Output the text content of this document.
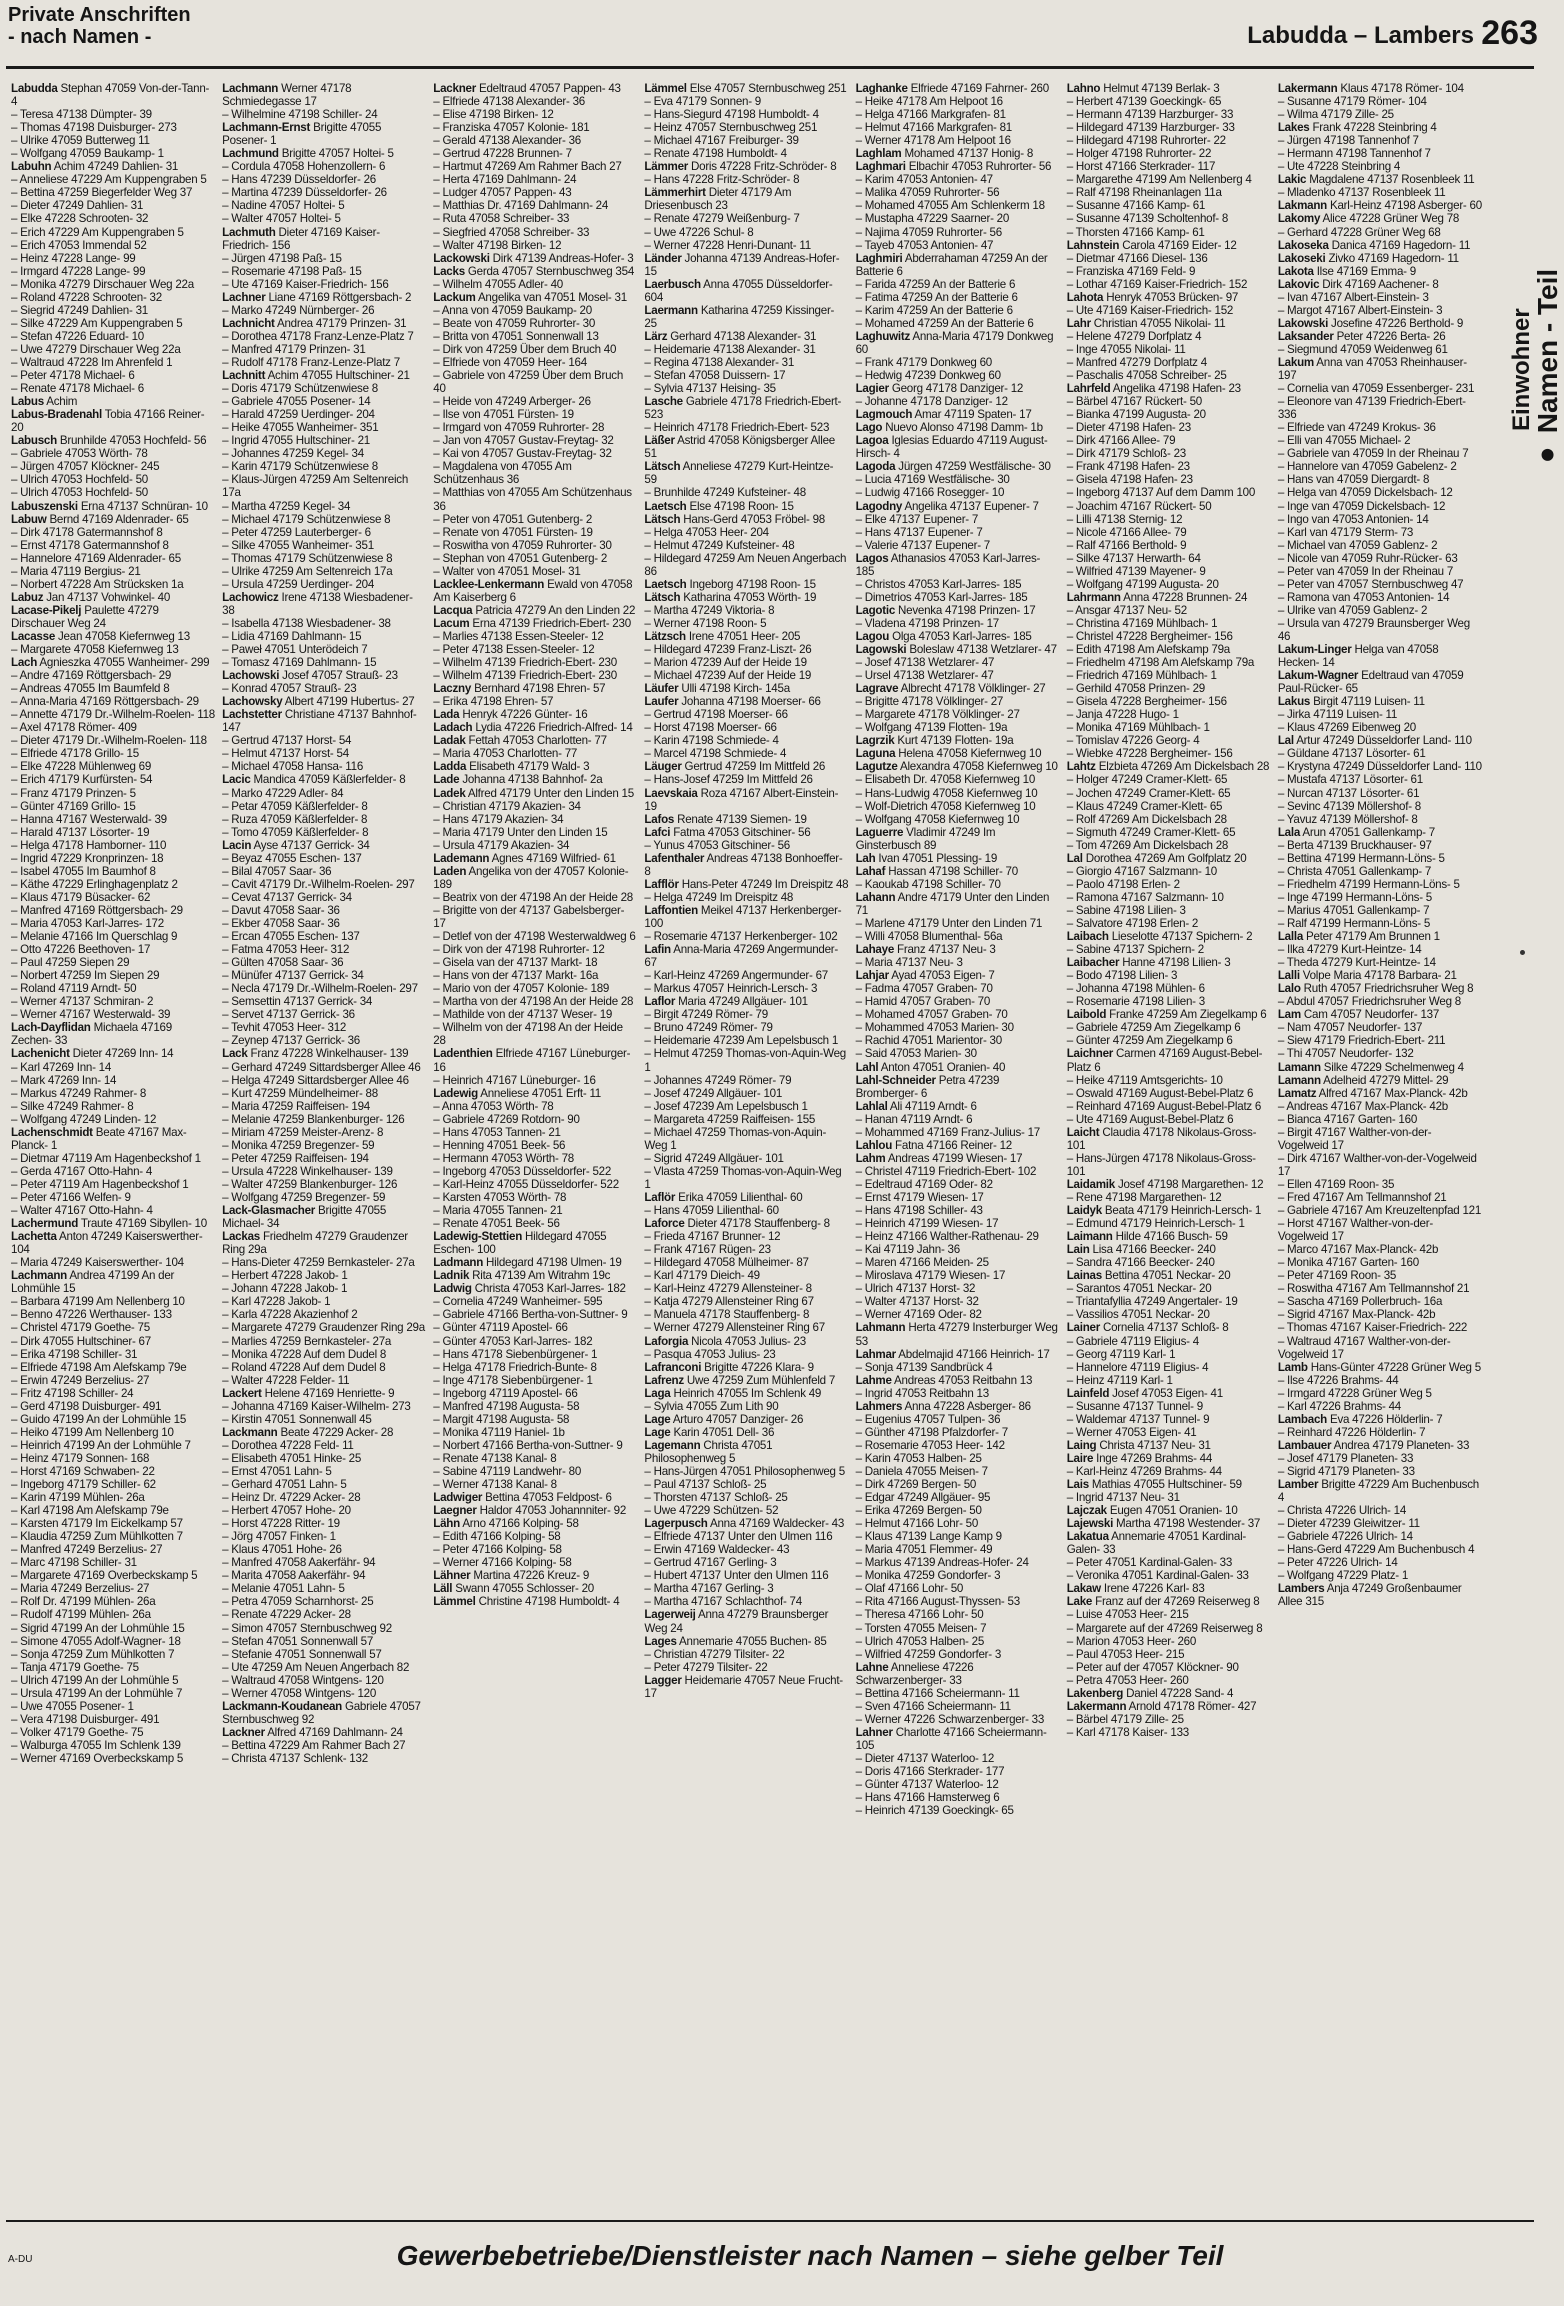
Private Anschriften
- nach Namen -	Labudda – Lambers 263
Labudda Stephan 47059 Von-der-Tann- 4
– Teresa 47138 Dümpter- 39
– Thomas 47198 Duisburger- 273
– Ulrike 47059 Butterweg 11
– Wolfgang 47059 Baukamp- 1
Labuhn Achim 47249 Dahlien- 31
– Anneliese 47229 Am Kuppengraben 5
– Bettina 47259 Biegerfelder Weg 37
– Dieter 47249 Dahlien- 31
– Elke 47228 Schrooten- 32
– Erich 47229 Am Kuppengraben 5
– Erich 47053 Immendal 52
– Heinz 47228 Lange- 99
– Irmgard 47228 Lange- 99
– Monika 47279 Dirschauer Weg 22a
– Roland 47228 Schrooten- 32
– Siegrid 47249 Dahlien- 31
– Silke 47229 Am Kuppengraben 5
– Stefan 47226 Eduard- 10
– Uwe 47279 Dirschauer Weg 22a
– Waltraud 47228 Im Ahrenfeld 1
– Peter 47178 Michael- 6
– Renate 47178 Michael- 6
Labus Achim
Labus-Bradenahl Tobia 47166 Reiner- 20
Labusch Brunhilde 47053 Hochfeld- 56
– Gabriele 47053 Wörth- 78
– Jürgen 47057 Klöckner- 245
– Ulrich 47053 Hochfeld- 50
– Ulrich 47053 Hochfeld- 50
Labuszenski Erna 47137 Schnüran- 10
Labuw Bernd 47169 Aldenrader- 65
– Dirk 47178 Gatermannshof 8
– Ernst 47178 Gatermannshof 8
– Hannelore 47169 Aldenrader- 65
– Maria 47119 Bergius- 21
– Norbert 47228 Am Strücksken 1a
Labuz Jan 47137 Vohwinkel- 40
Lacase-Pikelj Paulette 47279 Dirschauer Weg 24
Lacasse Jean 47058 Kiefernweg 13
– Margarete 47058 Kiefernweg 13
Lach Agnieszka 47055 Wanheimer- 299
– Andre 47169 Röttgersbach- 29
– Andreas 47055 Im Baumfeld 8
– Anna-Maria 47169 Röttgersbach- 29
– Annette 47179 Dr.-Wilhelm-Roelen- 118
– Axel 47178 Römer- 409
– Dieter 47179 Dr.-Wilhelm-Roelen- 118
– Elfriede 47178 Grillo- 15
– Elke 47228 Mühlenweg 69
– Erich 47179 Kurfürsten- 54
– Franz 47179 Prinzen- 5
– Günter 47169 Grillo- 15
– Hanna 47167 Westerwald- 39
– Harald 47137 Lösorter- 19
– Helga 47178 Hamborner- 110
– Ingrid 47229 Kronprinzen- 18
– Isabel 47055 Im Baumhof 8
– Käthe 47229 Erlinghagenplatz 2
– Klaus 47179 Büsacker- 62
– Manfred 47169 Röttgersbach- 29
– Maria 47053 Karl-Jarres- 172
– Melanie 47166 Im Querschlag 9
– Otto 47226 Beethoven- 17
– Paul 47259 Siepen 29
– Norbert 47259 Im Siepen 29
– Roland 47119 Arndt- 50
– Werner 47137 Schmiran- 2
– Werner 47167 Westerwald- 39
Lach-Dayflidan Michaela 47169 Zechen- 33
Lachenicht Dieter 47269 Inn- 14
– Karl 47269 Inn- 14
– Mark 47269 Inn- 14
– Markus 47249 Rahmer- 8
– Silke 47249 Rahmer- 8
– Wolfgang 47249 Linden- 12
Lachenschmidt Beate 47167 Max-Planck- 1
– Dietmar 47119 Am Hagenbeckshof 1
– Gerda 47167 Otto-Hahn- 4
– Peter 47119 Am Hagenbeckshof 1
– Peter 47166 Welfen- 9
– Walter 47167 Otto-Hahn- 4
Lachermund Traute 47169 Sibyllen- 10
Lachetta Anton 47249 Kaiserswerther- 104
– Maria 47249 Kaiserswerther- 104
Lachmann Andrea 47199 An der Lohmühle 15
– Barbara 47199 Am Nellenberg 10
– Benno 47226 Werthauser- 133
– Christel 47179 Goethe- 75
– Dirk 47055 Hultschiner- 67
– Erika 47198 Schiller- 31
– Elfriede 47198 Am Alefskamp 79e
– Erwin 47249 Berzelius- 27
– Fritz 47198 Schiller- 24
– Gerd 47198 Duisburger- 491
– Guido 47199 An der Lohmühle 15
– Heiko 47199 Am Nellenberg 10
– Heinrich 47199 An der Lohmühle 7
– Heinz 47179 Sonnen- 168
– Horst 47169 Schwaben- 22
– Ingeborg 47179 Schiller- 62
– Karin 47199 Mühlen- 26a
– Karl 47198 Am Alefskamp 79e
– Karsten 47179 Im Eickelkamp 57
– Klaudia 47259 Zum Mühlkotten 7
– Manfred 47249 Berzelius- 27
– Marc 47198 Schiller- 31
– Margarete 47169 Overbeckskamp 5
– Maria 47249 Berzelius- 27
– Rolf Dr. 47199 Mühlen- 26a
– Rudolf 47199 Mühlen- 26a
– Sigrid 47199 An der Lohmühle 15
– Simone 47055 Adolf-Wagner- 18
– Sonja 47259 Zum Mühlkotten 7
– Tanja 47179 Goethe- 75
– Ulrich 47199 An der Lohmühle 5
– Ursula 47199 An der Lohmühle 7
– Uwe 47055 Posener- 1
– Vera 47198 Duisburger- 491
– Volker 47179 Goethe- 75
– Walburga 47055 Im Schlenk 139
– Werner 47169 Overbeckskamp 5
Lachmann Werner 47178 Schmiedegasse 17
– Wilhelmine 47198 Schiller- 24
Lachmann-Ernst Brigitte 47055 Posener- 1
Lachmund Brigitte 47057 Holtei- 5
– Cordula 47058 Hohenzollern- 6
– Hans 47239 Düsseldorfer- 26
– Martina 47239 Düsseldorfer- 26
– Nadine 47057 Holtei- 5
– Walter 47057 Holtei- 5
Lachmuth Dieter 47169 Kaiser-Friedrich- 156
– Jürgen 47198 Paß- 15
– Rosemarie 47198 Paß- 15
– Ute 47169 Kaiser-Friedrich- 156
Lachner Liane 47169 Röttgersbach- 2
– Marko 47249 Nürnberger- 26
Lachnicht Andrea 47179 Prinzen- 31
– Dorothea 47178 Franz-Lenze-Platz 7
– Manfred 47179 Prinzen- 31
– Rudolf 47178 Franz-Lenze-Platz 7
Lachnitt Achim 47055 Hultschiner- 21
– Doris 47179 Schützenwiese 8
– Gabriele 47055 Posener- 14
– Harald 47259 Uerdinger- 204
– Heike 47055 Wanheimer- 351
– Ingrid 47055 Hultschiner- 21
– Johannes 47259 Kegel- 34
– Karin 47179 Schützenwiese 8
– Klaus-Jürgen 47259 Am Seltenreich 17a
– Martha 47259 Kegel- 34
– Michael 47179 Schützenwiese 8
– Peter 47259 Lauterberger- 6
– Silke 47055 Wanheimer- 351
– Thomas 47179 Schützenwiese 8
– Ulrike 47259 Am Seltenreich 17a
– Ursula 47259 Uerdinger- 204
Lachowicz Irene 47138 Wiesbadener- 38
– Isabella 47138 Wiesbadener- 38
– Lidia 47169 Dahlmann- 15
– Paweł 47051 Unterödeich 7
– Tomasz 47169 Dahlmann- 15
Lachowski Josef 47057 Strauß- 23
– Konrad 47057 Strauß- 23
Lachowsky Albert 47199 Hubertus- 27
Lachstetter Christiane 47137 Bahnhof- 147
– Gertrud 47137 Horst- 54
– Helmut 47137 Horst- 54
– Michael 47058 Hansa- 116
Lacic Mandica 47059 Käßlerfelder- 8
– Marko 47229 Adler- 84
– Petar 47059 Käßlerfelder- 8
– Ruza 47059 Käßlerfelder- 8
– Tomo 47059 Käßlerfelder- 8
Lacin Ayse 47137 Gerrick- 34
– Beyaz 47055 Eschen- 137
– Bilal 47057 Saar- 36
– Cavit 47179 Dr.-Wilhelm-Roelen- 297
– Cevat 47137 Gerrick- 34
– Davut 47058 Saar- 36
– Ekber 47058 Saar- 36
– Ercan 47055 Eschen- 137
– Fatma 47053 Heer- 312
– Gülten 47058 Saar- 36
– Münüfer 47137 Gerrick- 34
– Necla 47179 Dr.-Wilhelm-Roelen- 297
– Semsettin 47137 Gerrick- 34
– Servet 47137 Gerrick- 36
– Tevhit 47053 Heer- 312
– Zeynep 47137 Gerrick- 36
Lack Franz 47228 Winkelhauser- 139
– Gerhard 47249 Sittardsberger Allee 46
– Helga 47249 Sittardsberger Allee 46
– Kurt 47259 Mündelheimer- 88
– Maria 47259 Raiffeisen- 194
– Melanie 47259 Blankenburger- 126
– Miriam 47259 Meister-Arenz- 8
– Monika 47259 Bregenzer- 59
– Peter 47259 Raiffeisen- 194
– Ursula 47228 Winkelhauser- 139
– Walter 47259 Blankenburger- 126
– Wolfgang 47259 Bregenzer- 59
Lack-Glasmacher Brigitte 47055 Michael- 34
Lackas Friedhelm 47279 Graudenzer Ring 29a
– Hans-Dieter 47259 Bernkasteler- 27a
– Herbert 47228 Jakob- 1
– Johann 47228 Jakob- 1
– Karl 47228 Jakob- 1
– Karla 47228 Akazienhof 2
– Margarete 47279 Graudenzer Ring 29a
– Marlies 47259 Bernkasteler- 27a
– Monika 47228 Auf dem Dudel 8
– Roland 47228 Auf dem Dudel 8
– Walter 47228 Felder- 11
Lackert Helene 47169 Henriette- 9
– Johanna 47169 Kaiser-Wilhelm- 273
– Kirstin 47051 Sonnenwall 45
Lackmann Beate 47229 Acker- 28
– Dorothea 47228 Feld- 11
– Elisabeth 47051 Hinke- 25
– Ernst 47051 Lahn- 5
– Gerhard 47051 Lahn- 5
– Heinz Dr. 47229 Acker- 28
– Herbert 47057 Hohe- 20
– Horst 47228 Ritter- 19
– Jörg 47057 Finken- 1
– Klaus 47051 Hohe- 26
– Manfred 47058 Aakerfähr- 94
– Marita 47058 Aakerfähr- 94
– Melanie 47051 Lahn- 5
– Petra 47059 Scharnhorst- 25
– Renate 47229 Acker- 28
– Simon 47057 Sternbuschweg 92
– Stefan 47051 Sonnenwall 57
– Stefanie 47051 Sonnenwall 57
– Ute 47259 Am Neuen Angerbach 82
– Waltraud 47058 Wintgens- 120
– Werner 47058 Wintgens- 120
Lackmann-Koudanean Gabriele 47057 Sternbuschweg 92
Lackner Alfred 47169 Dahlmann- 24
– Bettina 47229 Am Rahmer Bach 27
– Christa 47137 Schlenk- 132
Lackner Edeltraud 47057 Pappen- 43
– Elfriede 47138 Alexander- 36
– Elise 47198 Birken- 12
– Franziska 47057 Kolonie- 181
– Gerald 47138 Alexander- 36
– Gertrud 47228 Brunnen- 7
– Hartmut 47269 Am Rahmer Bach 27
– Herta 47169 Dahlmann- 24
– Ludger 47057 Pappen- 43
– Matthias Dr. 47169 Dahlmann- 24
– Ruta 47058 Schreiber- 33
– Siegfried 47058 Schreiber- 33
– Walter 47198 Birken- 12
Lackowski Dirk 47139 Andreas-Hofer- 3
Lacks Gerda 47057 Sternbuschweg 354
– Wilhelm 47055 Adler- 40
Lackum Angelika van 47051 Mosel- 31
– Anna von 47059 Baukamp- 20
– Beate von 47059 Ruhrorter- 30
– Britta von 47051 Sonnenwall 13
– Dirk von 47259 Über dem Bruch 40
– Elfriede von 47059 Heer- 164
– Gabriele von 47259 Über dem Bruch 40
– Heide von 47249 Arberger- 26
– Ilse von 47051 Fürsten- 19
– Irmgard von 47059 Ruhrorter- 28
– Jan von 47057 Gustav-Freytag- 32
– Kai von 47057 Gustav-Freytag- 32
– Magdalena von 47055 Am Schützenhaus 36
– Matthias von 47055 Am Schützenhaus 36
– Peter von 47051 Gutenberg- 2
– Renate von 47051 Fürsten- 19
– Roswitha von 47059 Ruhrorter- 30
– Stephan von 47051 Gutenberg- 2
– Walter von 47051 Mosel- 31
Lacklee-Lenkermann Ewald von 47058 Am Kaiserberg 6
Lacqua Patricia 47279 An den Linden 22
Lacum Erna 47139 Friedrich-Ebert- 230
– Marlies 47138 Essen-Steeler- 12
– Peter 47138 Essen-Steeler- 12
– Wilhelm 47139 Friedrich-Ebert- 230
– Wilhelm 47139 Friedrich-Ebert- 230
Laczny Bernhard 47198 Ehren- 57
– Erika 47198 Ehren- 57
Lada Henryk 47226 Günter- 16
Ladach Lydia 47226 Friedrich-Alfred- 14
Ladak Fettah 47053 Charlotten- 77
– Maria 47053 Charlotten- 77
Ladda Elisabeth 47179 Wald- 3
Lade Johanna 47138 Bahnhof- 2a
Ladek Alfred 47179 Unter den Linden 15
– Christian 47179 Akazien- 34
– Hans 47179 Akazien- 34
– Maria 47179 Unter den Linden 15
– Ursula 47179 Akazien- 34
Lademann Agnes 47169 Wilfried- 61
Laden Angelika von der 47057 Kolonie- 189
– Beatrix von der 47198 An der Heide 28
– Brigitte von der 47137 Gabelsberger- 17
– Detlef von der 47198 Westerwaldweg 6
– Dirk von der 47198 Ruhrorter- 12
– Gisela van der 47137 Markt- 18
– Hans von der 47137 Markt- 16a
– Mario von der 47057 Kolonie- 189
– Martha von der 47198 An der Heide 28
– Mathilde von der 47137 Weser- 19
– Wilhelm von der 47198 An der Heide 28
Ladenthien Elfriede 47167 Lüneburger- 16
– Heinrich 47167 Lüneburger- 16
Ladewig Anneliese 47051 Erft- 11
– Anna 47053 Wörth- 78
– Gabriele 47269 Rotdorn- 90
– Hans 47053 Tannen- 21
– Henning 47051 Beek- 56
– Hermann 47053 Wörth- 78
– Ingeborg 47053 Düsseldorfer- 522
– Karl-Heinz 47055 Düsseldorfer- 522
– Karsten 47053 Wörth- 78
– Maria 47055 Tannen- 21
– Renate 47051 Beek- 56
Ladewig-Stettien Hildegard 47055 Eschen- 100
Ladmann Hildegard 47198 Ulmen- 19
Ladnik Rita 47139 Am Witrahm 19c
Ladwig Christa 47053 Karl-Jarres- 182
– Cornelia 47249 Wanheimer- 595
– Gabriele 47166 Bertha-von-Suttner- 9
– Günter 47119 Apostel- 66
– Günter 47053 Karl-Jarres- 182
– Hans 47178 Siebenbürgener- 1
– Helga 47178 Friedrich-Bunte- 8
– Inge 47178 Siebenbürgener- 1
– Ingeborg 47119 Apostel- 66
– Manfred 47198 Augusta- 58
– Margit 47198 Augusta- 58
– Monika 47119 Haniel- 1b
– Norbert 47166 Bertha-von-Suttner- 9
– Renate 47138 Kanal- 8
– Sabine 47119 Landwehr- 80
– Werner 47138 Kanal- 8
Ladwiger Bettina 47053 Feldpost- 6
Laegner Haldor 47053 Johannniter- 92
Lähn Arno 47166 Kolping- 58
– Edith 47166 Kolping- 58
– Peter 47166 Kolping- 58
– Werner 47166 Kolping- 58
Lähner Martina 47226 Kreuz- 9
Läll Swann 47055 Schlosser- 20
Lämmel Christine 47198 Humboldt- 4
Lämmel Else 47057 Sternbuschweg 251
– Eva 47179 Sonnen- 9
– Hans-Siegurd 47198 Humboldt- 4
– Heinz 47057 Sternbuschweg 251
– Michael 47167 Freiburger- 39
– Renate 47198 Humboldt- 4
Lämmer Doris 47228 Fritz-Schröder- 8
– Hans 47228 Fritz-Schröder- 8
Lämmerhirt Dieter 47179 Am Driesenbusch 23
– Renate 47279 Weißenburg- 7
– Uwe 47226 Schul- 8
– Werner 47228 Henri-Dunant- 11
Länder Johanna 47139 Andreas-Hofer- 15
Laerbusch Anna 47055 Düsseldorfer- 604
Laermann Katharina 47259 Kissinger- 25
Lärz Gerhard 47138 Alexander- 31
– Heidemarie 47138 Alexander- 31
– Regina 47138 Alexander- 31
– Stefan 47058 Duissern- 17
– Sylvia 47137 Heising- 35
Lasche Gabriele 47178 Friedrich-Ebert- 523
– Heinrich 47178 Friedrich-Ebert- 523
Läßer Astrid 47058 Königsberger Allee 51
Lätsch Anneliese 47279 Kurt-Heintze- 59
– Brunhilde 47249 Kufsteiner- 48
Laetsch Else 47198 Roon- 15
Lätsch Hans-Gerd 47053 Fröbel- 98
– Helga 47053 Heer- 204
– Helmut 47249 Kufsteiner- 48
– Hildegard 47259 Am Neuen Angerbach 86
Laetsch Ingeborg 47198 Roon- 15
Lätsch Katharina 47053 Wörth- 19
– Martha 47249 Viktoria- 8
– Werner 47198 Roon- 5
Lätzsch Irene 47051 Heer- 205
– Hildegard 47239 Franz-Liszt- 26
– Marion 47239 Auf der Heide 19
– Michael 47239 Auf der Heide 19
Läufer Ulli 47198 Kirch- 145a
Laufer Johanna 47198 Moerser- 66
– Gertrud 47198 Moerser- 66
– Horst 47198 Moerser- 66
– Karin 47198 Schmiede- 4
– Marcel 47198 Schmiede- 4
Läuger Gertrud 47259 Im Mittfeld 26
– Hans-Josef 47259 Im Mittfeld 26
Laevskaia Roza 47167 Albert-Einstein- 19
Lafos Renate 47139 Siemen- 19
Lafci Fatma 47053 Gitschiner- 56
– Yunus 47053 Gitschiner- 56
Lafenthaler Andreas 47138 Bonhoeffer- 8
Lafflör Hans-Peter 47249 Im Dreispitz 48
– Helga 47249 Im Dreispitz 48
Laffontien Meikel 47137 Herkenberger- 100
– Rosemarie 47137 Herkenberger- 102
Lafin Anna-Maria 47269 Angermunder- 67
– Karl-Heinz 47269 Angermunder- 67
– Markus 47057 Heinrich-Lersch- 3
Laflor Maria 47249 Allgäuer- 101
– Birgit 47249 Römer- 79
– Bruno 47249 Römer- 79
– Heidemarie 47239 Am Lepelsbusch 1
– Helmut 47259 Thomas-von-Aquin-Weg 1
– Johannes 47249 Römer- 79
– Josef 47249 Allgäuer- 101
– Josef 47239 Am Lepelsbusch 1
– Margareta 47259 Raiffeisen- 155
– Michael 47259 Thomas-von-Aquin-Weg 1
– Sigrid 47249 Allgäuer- 101
– Vlasta 47259 Thomas-von-Aquin-Weg 1
Laflör Erika 47059 Lilienthal- 60
– Hans 47059 Lilienthal- 60
Laforce Dieter 47178 Stauffenberg- 8
– Frieda 47167 Brunner- 12
– Frank 47167 Rügen- 23
– Hildegard 47058 Mülheimer- 87
– Karl 47179 Dieich- 49
– Karl-Heinz 47279 Allensteiner- 8
– Katja 47279 Allensteiner Ring 67
– Manuela 47178 Stauffenberg- 8
– Werner 47279 Allensteiner Ring 67
Laforgia Nicola 47053 Julius- 23
– Pasqua 47053 Julius- 23
Lafranconi Brigitte 47226 Klara- 9
Lafrenz Uwe 47259 Zum Mühlenfeld 7
Laga Heinrich 47055 Im Schlenk 49
– Sylvia 47055 Zum Lith 90
Lage Arturo 47057 Danziger- 26
Lage Karin 47051 Dell- 36
Lagemann Christa 47051 Philosophenweg 5
– Hans-Jürgen 47051 Philosophenweg 5
– Paul 47137 Schloß- 25
– Thorsten 47137 Schloß- 25
– Uwe 47229 Schützen- 52
Lagerpusch Anna 47169 Waldecker- 43
– Elfriede 47137 Unter den Ulmen 116
– Erwin 47169 Waldecker- 43
– Gertrud 47167 Gerling- 3
– Hubert 47137 Unter den Ulmen 116
– Martha 47167 Gerling- 3
– Martha 47167 Schlachthof- 74
Lagerweij Anna 47279 Braunsberger Weg 24
Lages Annemarie 47055 Buchen- 85
– Christian 47279 Tilsiter- 22
– Peter 47279 Tilsiter- 22
Lagger Heidemarie 47057 Neue Frucht- 17
Laghanke Elfriede 47169 Fahrner- 260
– Heike 47178 Am Helpoot 16
– Helga 47166 Markgrafen- 81
– Helmut 47166 Markgrafen- 81
– Werner 47178 Am Helpoot 16
Laghlam Mohamed 47137 Honig- 8
Laghmari Elbachir 47053 Ruhrorter- 56
– Karim 47053 Antonien- 47
– Malika 47059 Ruhrorter- 56
– Mohamed 47055 Am Schlenkerm 18
– Mustapha 47229 Saarner- 20
– Najima 47059 Ruhrorter- 56
– Tayeb 47053 Antonien- 47
Laghmiri Abderrahaman 47259 An der Batterie 6
– Farida 47259 An der Batterie 6
– Fatima 47259 An der Batterie 6
– Karim 47259 An der Batterie 6
– Mohamed 47259 An der Batterie 6
Laghuwitz Anna-Maria 47179 Donkweg 60
– Frank 47179 Donkweg 60
– Hedwig 47239 Donkweg 60
Lagier Georg 47178 Danziger- 12
– Johanne 47178 Danziger- 12
Lagmouch Amar 47119 Spaten- 17
Lago Nuevo Alonso 47198 Damm- 1b
Lagoa Iglesias Eduardo 47119 August-Hirsch- 4
Lagoda Jürgen 47259 Westfälische- 30
– Lucia 47169 Westfälische- 30
– Ludwig 47166 Rosegger- 10
Lagodny Angelika 47137 Eupener- 7
– Elke 47137 Eupener- 7
– Hans 47137 Eupener- 7
– Valerie 47137 Eupener- 7
Lagos Athanasios 47053 Karl-Jarres- 185
– Christos 47053 Karl-Jarres- 185
– Dimetrios 47053 Karl-Jarres- 185
Lagotic Nevenka 47198 Prinzen- 17
– Vladena 47198 Prinzen- 17
Lagou Olga 47053 Karl-Jarres- 185
Lagowski Boleslaw 47138 Wetzlarer- 47
– Josef 47138 Wetzlarer- 47
– Ursel 47138 Wetzlarer- 47
Lagrave Albrecht 47178 Völklinger- 27
– Brigitte 47178 Völklinger- 27
– Margarete 47178 Völklinger- 27
– Wolfgang 47139 Flotten- 19a
Lagrzik Kurt 47139 Flotten- 19a
Laguna Helena 47058 Kiefernweg 10
Lagutze Alexandra 47058 Kiefernweg 10
– Elisabeth Dr. 47058 Kiefernweg 10
– Hans-Ludwig 47058 Kiefernweg 10
– Wolf-Dietrich 47058 Kiefernweg 10
– Wolfgang 47058 Kiefernweg 10
Laguerre Vladimir 47249 Im Ginsterbusch 89
Lah Ivan 47051 Plessing- 19
Lahaf Hassan 47198 Schiller- 70
– Kaoukab 47198 Schiller- 70
Lahann Andre 47179 Unter den Linden 71
– Marlene 47179 Unter den Linden 71
– Willi 47058 Blumenthal- 56a
Lahaye Franz 47137 Neu- 3
– Maria 47137 Neu- 3
Lahjar Ayad 47053 Eigen- 7
– Fadma 47057 Graben- 70
– Hamid 47057 Graben- 70
– Mohamed 47057 Graben- 70
– Mohammed 47053 Marien- 30
– Rachid 47051 Marientor- 30
– Said 47053 Marien- 30
Lahl Anton 47051 Oranien- 40
Lahl-Schneider Petra 47239 Bromberger- 6
Lahlal Ali 47119 Arndt- 6
– Hanan 47119 Arndt- 6
– Mohammed 47169 Franz-Julius- 17
Lahlou Fatna 47166 Reiner- 12
Lahm Andreas 47199 Wiesen- 17
– Christel 47119 Friedrich-Ebert- 102
– Edeltraud 47169 Oder- 82
– Ernst 47179 Wiesen- 17
– Hans 47198 Schiller- 43
– Heinrich 47199 Wiesen- 17
– Heinz 47166 Walther-Rathenau- 29
– Kai 47119 Jahn- 36
– Maren 47166 Meiden- 25
– Miroslava 47179 Wiesen- 17
– Ulrich 47137 Horst- 32
– Walter 47137 Horst- 32
– Werner 47169 Oder- 82
Lahmann Herta 47279 Insterburger Weg 53
Lahmar Abdelmajid 47166 Heinrich- 17
– Sonja 47139 Sandbrück 4
Lahme Andreas 47053 Reitbahn 13
– Ingrid 47053 Reitbahn 13
Lahmers Anna 47228 Asberger- 86
– Eugenius 47057 Tulpen- 36
– Günther 47198 Pfalzdorfer- 7
– Rosemarie 47053 Heer- 142
– Karin 47053 Halben- 25
– Daniela 47055 Meisen- 7
– Dirk 47269 Bergen- 50
– Edgar 47249 Allgäuer- 95
– Erika 47269 Bergen- 50
– Helmut 47166 Lohr- 50
– Klaus 47139 Lange Kamp 9
– Maria 47051 Flemmer- 49
– Markus 47139 Andreas-Hofer- 24
– Monika 47259 Gondorfer- 3
– Olaf 47166 Lohr- 50
– Rita 47166 August-Thyssen- 53
– Theresa 47166 Lohr- 50
– Torsten 47055 Meisen- 7
– Ulrich 47053 Halben- 25
– Wilfried 47259 Gondorfer- 3
Lahne Anneliese 47226 Schwarzenberger- 33
– Bettina 47166 Scheiermann- 11
– Sven 47166 Scheiermann- 11
– Werner 47226 Schwarzenberger- 33
Lahner Charlotte 47166 Scheiermann- 105
– Dieter 47137 Waterloo- 12
– Doris 47166 Sterkrader- 177
– Günter 47137 Waterloo- 12
– Hans 47166 Hamsterweg 6
– Heinrich 47139 Goeckingk- 65
Lahno Helmut 47139 Berlak- 3
– Herbert 47139 Goeckingk- 65
– Hermann 47139 Harzburger- 33
– Hildegard 47139 Harzburger- 33
– Hildegard 47198 Ruhrorter- 22
– Holger 47198 Ruhrorter- 22
– Horst 47166 Sterkrader- 117
– Margarethe 47199 Am Nellenberg 4
– Ralf 47198 Rheinanlagen 11a
– Susanne 47166 Kamp- 61
– Susanne 47139 Scholtenhof- 8
– Thorsten 47166 Kamp- 61
Lahnstein Carola 47169 Eider- 12
– Dietmar 47166 Diesel- 136
– Franziska 47169 Feld- 9
– Lothar 47169 Kaiser-Friedrich- 152
Lahota Henryk 47053 Brücken- 97
– Ute 47169 Kaiser-Friedrich- 152
Lahr Christian 47055 Nikolai- 11
– Helene 47279 Dorfplatz 4
– Inge 47055 Nikolai- 11
– Manfred 47279 Dorfplatz 4
– Paschalis 47058 Schreiber- 25
Lahrfeld Angelika 47198 Hafen- 23
– Bärbel 47167 Rückert- 50
– Bianka 47199 Augusta- 20
– Dieter 47198 Hafen- 23
– Dirk 47166 Allee- 79
– Dirk 47179 Schloß- 23
– Frank 47198 Hafen- 23
– Gisela 47198 Hafen- 23
– Ingeborg 47137 Auf dem Damm 100
– Joachim 47167 Rückert- 50
– Lilli 47138 Sternig- 12
– Nicole 47166 Allee- 79
– Ralf 47166 Berthold- 9
– Silke 47137 Herwarth- 64
– Wilfried 47139 Mayener- 9
– Wolfgang 47199 Augusta- 20
Lahrmann Anna 47228 Brunnen- 24
– Ansgar 47137 Neu- 52
– Christina 47169 Mühlbach- 1
– Christel 47228 Bergheimer- 156
– Edith 47198 Am Alefskamp 79a
– Friedhelm 47198 Am Alefskamp 79a
– Friedrich 47169 Mühlbach- 1
– Gerhild 47058 Prinzen- 29
– Gisela 47228 Bergheimer- 156
– Janja 47228 Hugo- 1
– Monika 47169 Mühlbach- 1
– Tomislav 47226 Georg- 4
– Wiebke 47228 Bergheimer- 156
Lahtz Elzbieta 47269 Am Dickelsbach 28
– Holger 47249 Cramer-Klett- 65
– Jochen 47249 Cramer-Klett- 65
– Klaus 47249 Cramer-Klett- 65
– Rolf 47269 Am Dickelsbach 28
– Sigmuth 47249 Cramer-Klett- 65
– Tom 47269 Am Dickelsbach 28
Lal Dorothea 47269 Am Golfplatz 20
– Giorgio 47167 Salzmann- 10
– Paolo 47198 Erlen- 2
– Ramona 47167 Salzmann- 10
– Sabine 47198 Lilien- 3
– Salvatore 47198 Erlen- 2
Laibach Lieselotte 47137 Spichern- 2
– Sabine 47137 Spichern- 2
Laibacher Hanne 47198 Lilien- 3
– Bodo 47198 Lilien- 3
– Johanna 47198 Mühlen- 6
– Rosemarie 47198 Lilien- 3
Laibold Franke 47259 Am Ziegelkamp 6
– Gabriele 47259 Am Ziegelkamp 6
– Günter 47259 Am Ziegelkamp 6
Laichner Carmen 47169 August-Bebel-Platz 6
– Heike 47119 Amtsgerichts- 10
– Oswald 47169 August-Bebel-Platz 6
– Reinhard 47169 August-Bebel-Platz 6
– Ute 47169 August-Bebel-Platz 6
Laicht Claudia 47178 Nikolaus-Gross- 101
– Hans-Jürgen 47178 Nikolaus-Gross- 101
Laidamik Josef 47198 Margarethen- 12
– Rene 47198 Margarethen- 12
Laidyk Beata 47179 Heinrich-Lersch- 1
– Edmund 47179 Heinrich-Lersch- 1
Laimann Hilde 47166 Busch- 59
Lain Lisa 47166 Beecker- 240
– Sandra 47166 Beecker- 240
Lainas Bettina 47051 Neckar- 20
– Sarantos 47051 Neckar- 20
– Triantafyllia 47249 Angertaler- 19
– Vassilios 47051 Neckar- 20
Lainer Cornelia 47137 Schloß- 8
– Gabriele 47119 Eligius- 4
– Georg 47119 Karl- 1
– Hannelore 47119 Eligius- 4
– Heinz 47119 Karl- 1
Lainfeld Josef 47053 Eigen- 41
– Susanne 47137 Tunnel- 9
– Waldemar 47137 Tunnel- 9
– Werner 47053 Eigen- 41
Laing Christa 47137 Neu- 31
Laire Inge 47269 Brahms- 44
– Karl-Heinz 47269 Brahms- 44
Lais Mathias 47055 Hultschiner- 59
– Ingrid 47137 Neu- 31
Lajczak Eugen 47051 Oranien- 10
Lajewski Martha 47198 Westender- 37
Lakatua Annemarie 47051 Kardinal-Galen- 33
– Peter 47051 Kardinal-Galen- 33
– Veronika 47051 Kardinal-Galen- 33
Lakaw Irene 47226 Karl- 83
Lake Franz auf der 47269 Reiserweg 8
– Luise 47053 Heer- 215
– Margarete auf der 47269 Reiserweg 8
– Marion 47053 Heer- 260
– Paul 47053 Heer- 215
– Peter auf der 47057 Klöckner- 90
– Petra 47053 Heer- 260
Lakenberg Daniel 47228 Sand- 4
Lakermann Arnold 47178 Römer- 427
– Bärbel 47179 Zille- 25
– Karl 47178 Kaiser- 133
Lakermann Klaus 47178 Römer- 104
– Susanne 47179 Römer- 104
– Wilma 47179 Zille- 25
Lakes Frank 47228 Steinbring 4
– Jürgen 47198 Tannenhof 7
– Hermann 47198 Tannenhof 7
– Ute 47228 Steinbring 4
Lakic Magdalene 47137 Rosenbleek 11
– Mladenko 47137 Rosenbleek 11
Lakmann Karl-Heinz 47198 Asberger- 60
Lakomy Alice 47228 Grüner Weg 78
– Gerhard 47228 Grüner Weg 68
Lakoseka Danica 47169 Hagedorn- 11
Lakoseki Zivko 47169 Hagedorn- 11
Lakota Ilse 47169 Emma- 9
Lakovic Dirk 47169 Aachener- 8
– Ivan 47167 Albert-Einstein- 3
– Margot 47167 Albert-Einstein- 3
Lakowski Josefine 47226 Berthold- 9
Laksander Peter 47226 Berta- 26
– Siegmund 47059 Weidenweg 61
Lakum Anna van 47053 Rheinhauser- 197
– Cornelia van 47059 Essenberger- 231
– Eleonore van 47139 Friedrich-Ebert- 336
– Elfriede van 47249 Krokus- 36
– Elli van 47055 Michael- 2
– Gabriele van 47059 In der Rheinau 7
– Hannelore van 47059 Gabelenz- 2
– Hans van 47059 Diergardt- 8
– Helga van 47059 Dickelsbach- 12
– Inge van 47059 Dickelsbach- 12
– Ingo van 47053 Antonien- 14
– Karl van 47179 Sterm- 73
– Michael van 47059 Gablenz- 2
– Nicole van 47059 Ruhr-Rücker- 63
– Peter van 47059 In der Rheinau 7
– Peter van 47057 Sternbuschweg 47
– Ramona van 47053 Antonien- 14
– Ulrike van 47059 Gablenz- 2
– Ursula van 47279 Braunsberger Weg 46
Lakum-Linger Helga van 47058 Hecken- 14
Lakum-Wagner Edeltraud van 47059 Paul-Rücker- 65
Lakus Birgit 47119 Luisen- 11
– Jirka 47119 Luisen- 11
– Klaus 47269 Eibenweg 20
Lal Artur 47249 Düsseldorfer Land- 110
– Güldane 47137 Lösorter- 61
– Krystyna 47249 Düsseldorfer Land- 110
– Mustafa 47137 Lösorter- 61
– Nurcan 47137 Lösorter- 61
– Sevinc 47139 Möllershof- 8
– Yavuz 47139 Möllershof- 8
Lala Arun 47051 Gallenkamp- 7
– Berta 47139 Bruckhauser- 97
– Bettina 47199 Hermann-Löns- 5
– Christa 47051 Gallenkamp- 7
– Friedhelm 47199 Hermann-Löns- 5
– Inge 47199 Hermann-Löns- 5
– Marius 47051 Gallenkamp- 7
– Ralf 47199 Hermann-Löns- 5
Lalla Peter 47179 Am Brunnen 1
– Ilka 47279 Kurt-Heintze- 14
– Theda 47279 Kurt-Heintze- 14
Lalli Volpe Maria 47178 Barbara- 21
Lalo Ruth 47057 Friedrichsruher Weg 8
– Abdul 47057 Friedrichsruher Weg 8
Lam Cam 47057 Neudorfer- 137
– Nam 47057 Neudorfer- 137
– Siew 47179 Friedrich-Ebert- 211
– Thi 47057 Neudorfer- 132
Lamann Silke 47229 Schelmenweg 4
Lamann Adelheid 47279 Mittel- 29
Lamatz Alfred 47167 Max-Planck- 42b
– Andreas 47167 Max-Planck- 42b
– Bianca 47167 Garten- 160
– Birgit 47167 Walther-von-der-Vogelweid 17
– Dirk 47167 Walther-von-der-Vogelweid 17
– Ellen 47169 Roon- 35
– Fred 47167 Am Tellmannshof 21
– Gabriele 47167 Am Kreuzeltenpfad 121
– Horst 47167 Walther-von-der-Vogelweid 17
– Marco 47167 Max-Planck- 42b
– Monika 47167 Garten- 160
– Peter 47169 Roon- 35
– Roswitha 47167 Am Tellmannshof 21
– Sascha 47169 Pollerbruch- 16a
– Sigrid 47167 Max-Planck- 42b
– Thomas 47167 Kaiser-Friedrich- 222
– Waltraud 47167 Walther-von-der-Vogelweid 17
Lamb Hans-Günter 47228 Grüner Weg 5
– Ilse 47226 Brahms- 44
– Irmgard 47228 Grüner Weg 5
– Karl 47226 Brahms- 44
Lambach Eva 47226 Hölderlin- 7
– Reinhard 47226 Hölderlin- 7
Lambauer Andrea 47179 Planeten- 33
– Josef 47179 Planeten- 33
– Sigrid 47179 Planeten- 33
Lamber Brigitte 47229 Am Buchenbusch 4
– Christa 47226 Ulrich- 14
– Dieter 47239 Gleiwitzer- 11
– Gabriele 47226 Ulrich- 14
– Hans-Gerd 47229 Am Buchenbusch 4
– Peter 47226 Ulrich- 14
– Wolfgang 47229 Platz- 1
Lambers Anja 47249 Großenbaumer Allee 315
Einwohner
● Namen - Teil
A-DU	Gewerbebetriebe/Dienstleister nach Namen – siehe gelber Teil
